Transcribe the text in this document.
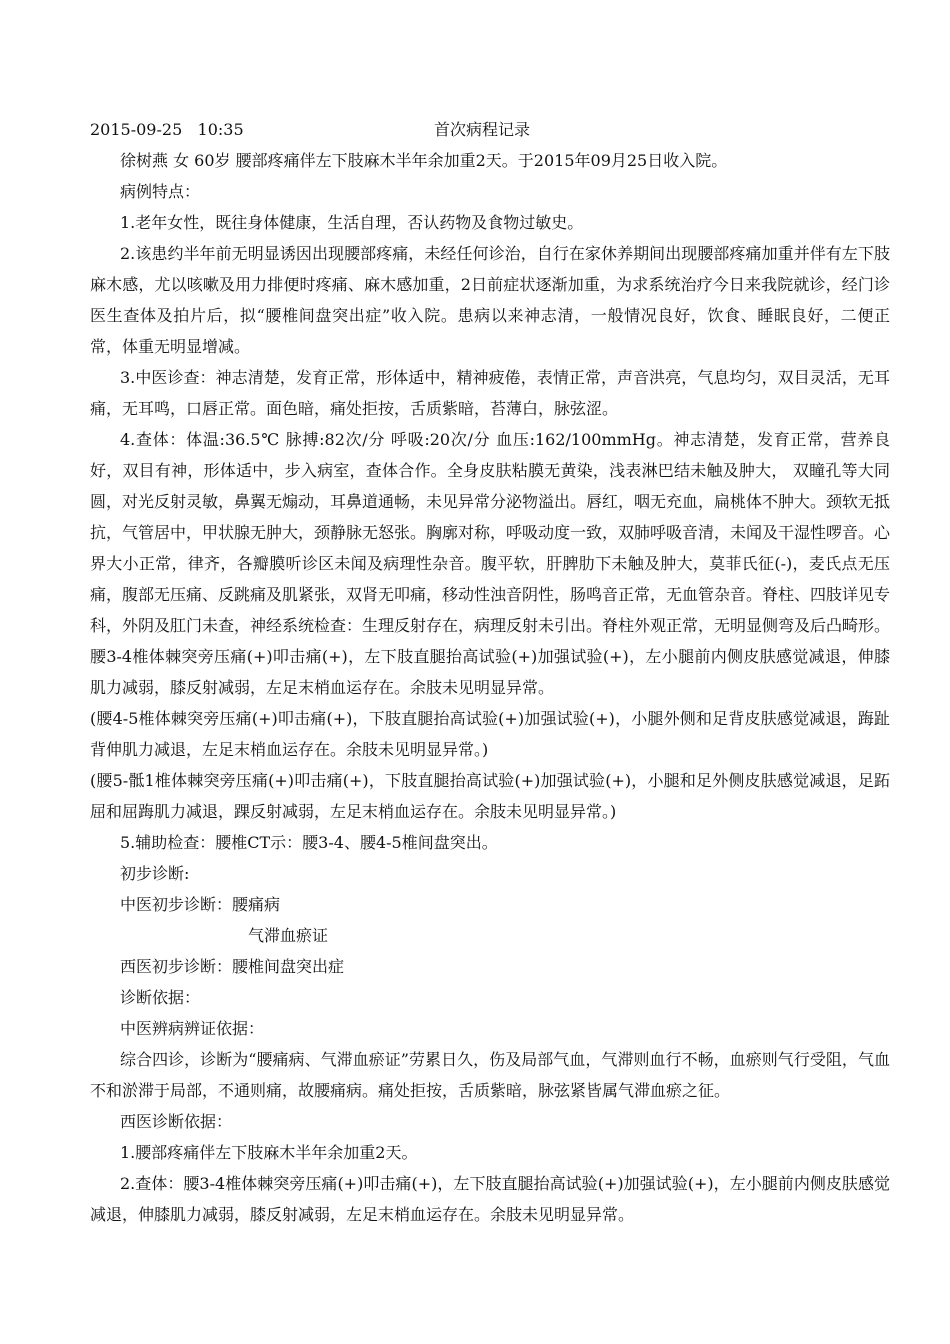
2015-09-25   10:35	首次病程记录

徐树燕 女 60岁 腰部疼痛伴左下肢麻木半年余加重2天。于2015年09月25日收入院。

病例特点：

1.老年女性，既往身体健康，生活自理，否认药物及食物过敏史。

2.该患约半年前无明显诱因出现腰部疼痛，未经任何诊治，自行在家休养期间出现腰部疼痛加重并伴有左下肢麻木感，尤以咳嗽及用力排便时疼痛、麻木感加重，2日前症状逐渐加重，为求系统治疗今日来我院就诊，经门诊医生查体及拍片后，拟“腰椎间盘突出症”收入院。患病以来神志清，一般情况良好，饮食、睡眠良好，二便正常，体重无明显增减。

3.中医诊查：神志清楚，发育正常，形体适中，精神疲倦，表情正常，声音洪亮，气息均匀，双目灵活，无耳痛，无耳鸣，口唇正常。面色暗，痛处拒按，舌质紫暗，苔薄白，脉弦涩。

4.查体：体温:36.5℃ 脉搏:82次/分 呼吸:20次/分 血压:162/100mmHg。神志清楚，发育正常，营养良好，双目有神，形体适中，步入病室，查体合作。全身皮肤粘膜无黄染，浅表淋巴结未触及肿大， 双瞳孔等大同圆，对光反射灵敏，鼻翼无煽动，耳鼻道通畅，未见异常分泌物溢出。唇红，咽无充血，扁桃体不肿大。颈软无抵抗，气管居中，甲状腺无肿大，颈静脉无怒张。胸廓对称，呼吸动度一致，双肺呼吸音清，未闻及干湿性啰音。心界大小正常，律齐，各瓣膜听诊区未闻及病理性杂音。腹平软，肝脾肋下未触及肿大，莫菲氏征(-)，麦氏点无压痛，腹部无压痛、反跳痛及肌紧张，双肾无叩痛，移动性浊音阴性，肠鸣音正常，无血管杂音。脊柱、四肢详见专科，外阴及肛门未查，神经系统检查：生理反射存在，病理反射未引出。脊柱外观正常，无明显侧弯及后凸畸形。腰3-4椎体棘突旁压痛(+)叩击痛(+)，左下肢直腿抬高试验(+)加强试验(+)，左小腿前内侧皮肤感觉减退，伸膝肌力减弱，膝反射减弱，左足末梢血运存在。余肢未见明显异常。

(腰4-5椎体棘突旁压痛(+)叩击痛(+)，下肢直腿抬高试验(+)加强试验(+)，小腿外侧和足背皮肤感觉减退，踇趾背伸肌力减退，左足末梢血运存在。余肢未见明显异常。)

(腰5-骶1椎体棘突旁压痛(+)叩击痛(+)，下肢直腿抬高试验(+)加强试验(+)，小腿和足外侧皮肤感觉减退，足跖屈和屈踇肌力减退，踝反射减弱，左足末梢血运存在。余肢未见明显异常。)

5.辅助检查：腰椎CT示：腰3-4、腰4-5椎间盘突出。

初步诊断:

中医初步诊断：腰痛病

气滞血瘀证

西医初步诊断：腰椎间盘突出症

诊断依据：

中医辨病辨证依据：

综合四诊，诊断为“腰痛病、气滞血瘀证”劳累日久，伤及局部气血，气滞则血行不畅，血瘀则气行受阻，气血不和淤滞于局部，不通则痛，故腰痛病。痛处拒按，舌质紫暗，脉弦紧皆属气滞血瘀之征。

西医诊断依据：

1.腰部疼痛伴左下肢麻木半年余加重2天。

2.查体：腰3-4椎体棘突旁压痛(+)叩击痛(+)，左下肢直腿抬高试验(+)加强试验(+)，左小腿前内侧皮肤感觉减退，伸膝肌力减弱，膝反射减弱，左足末梢血运存在。余肢未见明显异常。
